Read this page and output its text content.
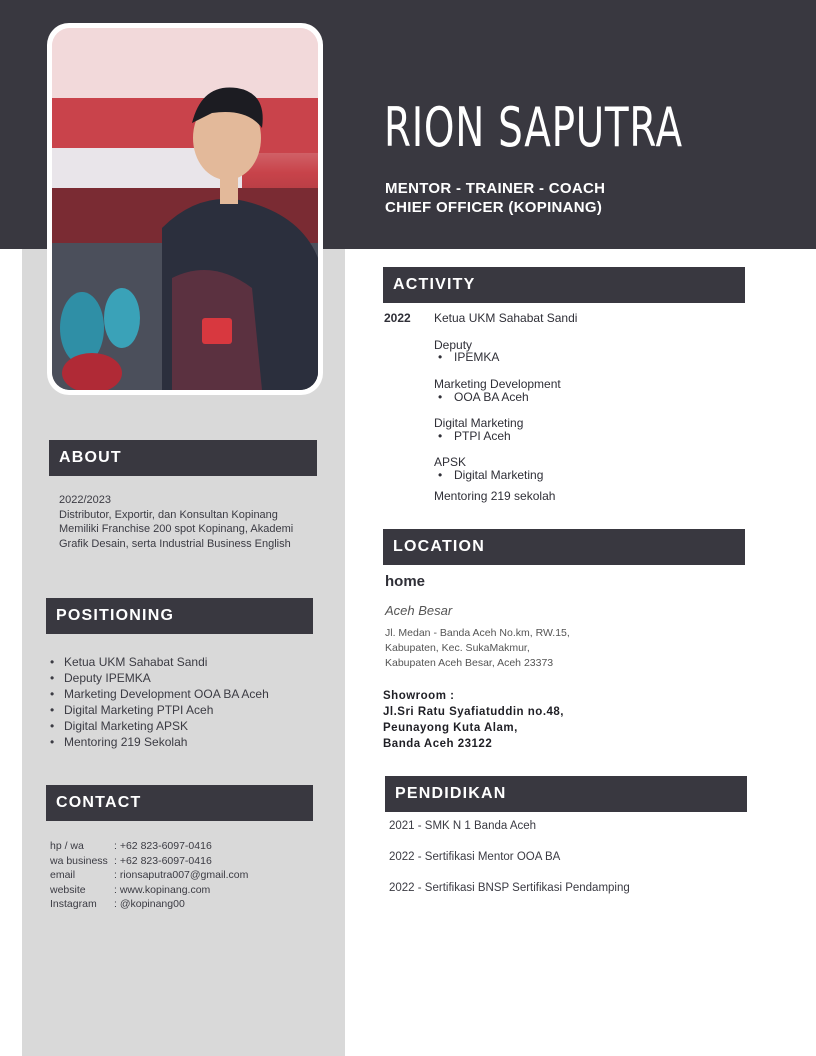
RION SAPUTRA
MENTOR - TRAINER - COACH
CHIEF OFFICER (KOPINANG)
ABOUT
2022/2023
Distributor, Exportir, dan Konsultan Kopinang
Memiliki Franchise 200 spot Kopinang, Akademi
Grafik Desain, serta Industrial Business English
POSITIONING
• Ketua UKM Sahabat Sandi
• Deputy IPEMKA
• Marketing Development OOA BA Aceh
• Digital Marketing PTPI Aceh
• Digital Marketing APSK
• Mentoring 219 Sekolah
CONTACT
hp / wa	: +62 823-6097-0416
wa business : +62 823-6097-0416
email	: rionsaputra007@gmail.com
website	: www.kopinang.com
Instagram	: @kopinang00
ACTIVITY
2022 Ketua UKM Sahabat Sandi
Deputy
• IPEMKA
Marketing Development
• OOA BA Aceh
Digital Marketing
• PTPI Aceh
APSK
• Digital Marketing
Mentoring 219 sekolah
LOCATION
home
Aceh Besar
Jl. Medan - Banda Aceh No.km, RW.15,
Kabupaten, Kec. SukaMakmur,
Kabupaten Aceh Besar, Aceh 23373
Showroom :
Jl.Sri Ratu Syafiatuddin no.48,
Peunayong Kuta Alam,
Banda Aceh 23122
PENDIDIKAN
2021 - SMK N 1 Banda Aceh
2022 - Sertifikasi Mentor OOA BA
2022 - Sertifikasi BNSP Sertifikasi Pendamping
